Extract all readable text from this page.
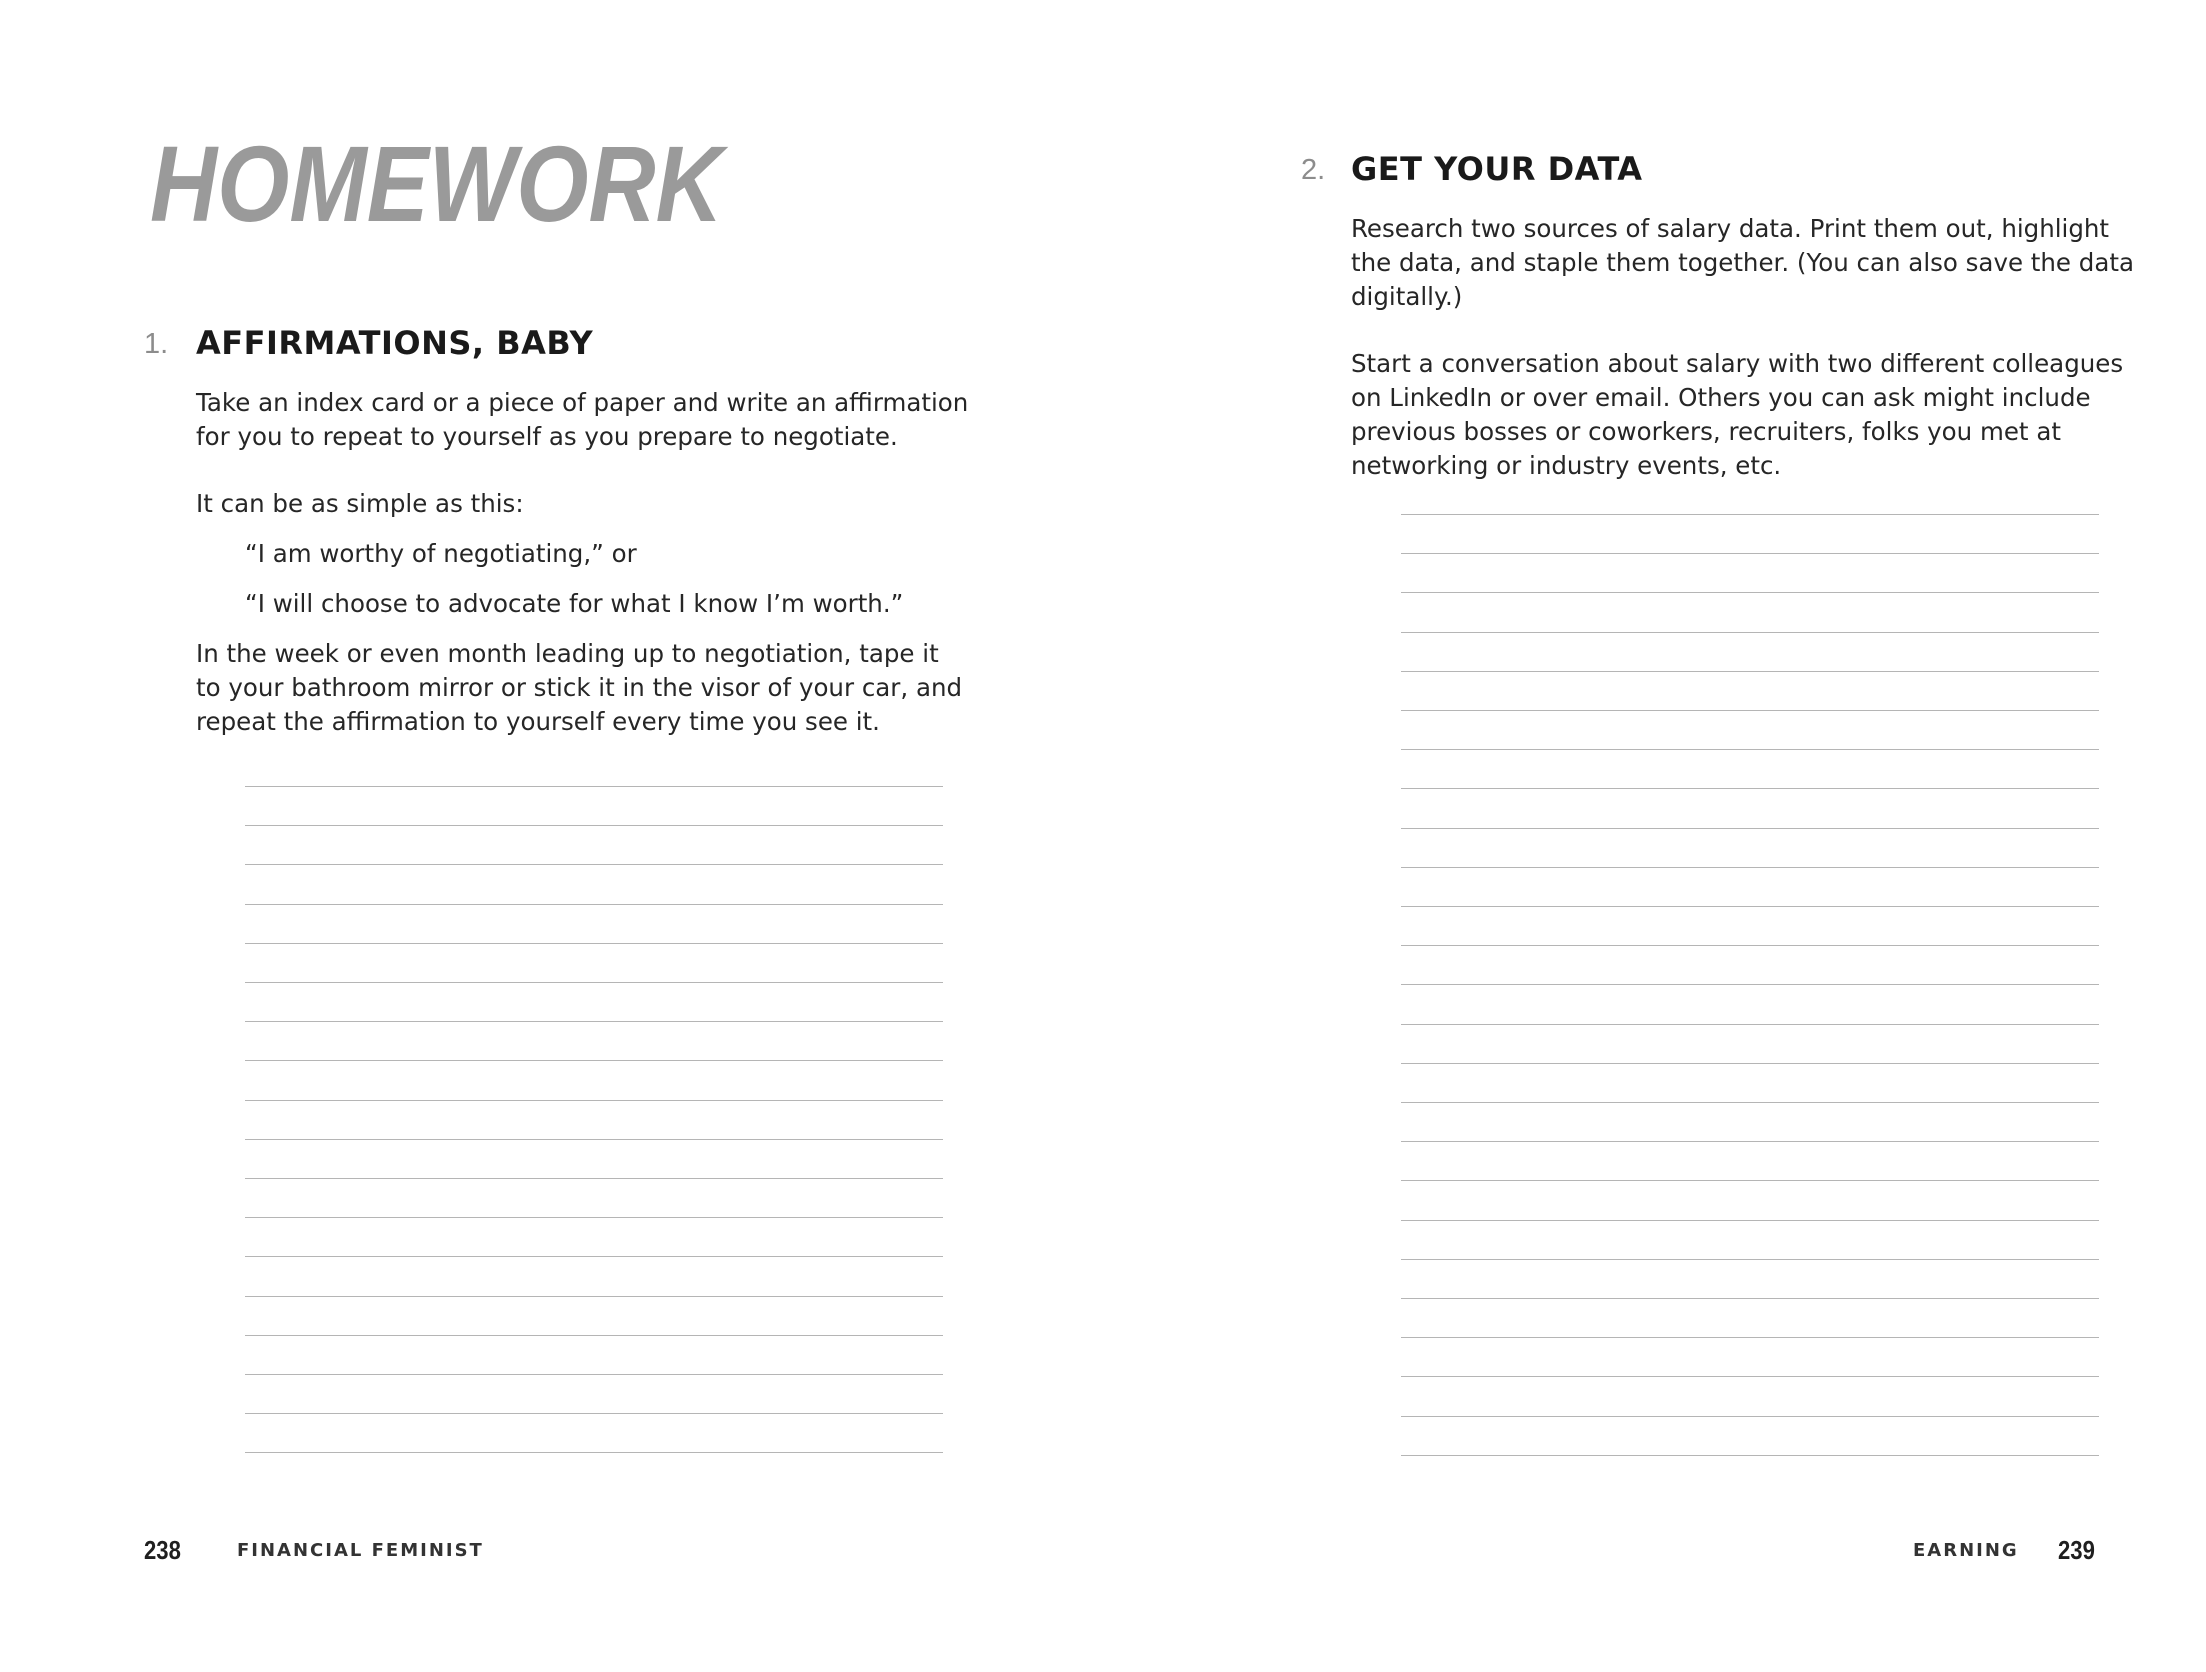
HOMEWORK
1. AFFIRMATIONS, BABY

Take an index card or a piece of paper and write an affirmation

for you to repeat to yourself as you prepare to negotiate.

It can be as simple as this:

“I am worthy of negotiating,” or

“I will choose to advocate for what I know I’m worth.”

In the week or even month leading up to negotiation, tape it

to your bathroom mirror or stick it in the visor of your car, and

repeat the affirmation to yourself every time you see it.

238	FINANCIAL FEMINIST
2. GET YOUR DATA

Research two sources of salary data. Print them out, highlight

the data, and staple them together. (You can also save the data

digitally.)

Start a conversation about salary with two different colleagues

on LinkedIn or over email. Others you can ask might include

previous bosses or coworkers, recruiters, folks you met at

networking or industry events, etc.

EARNING 239
